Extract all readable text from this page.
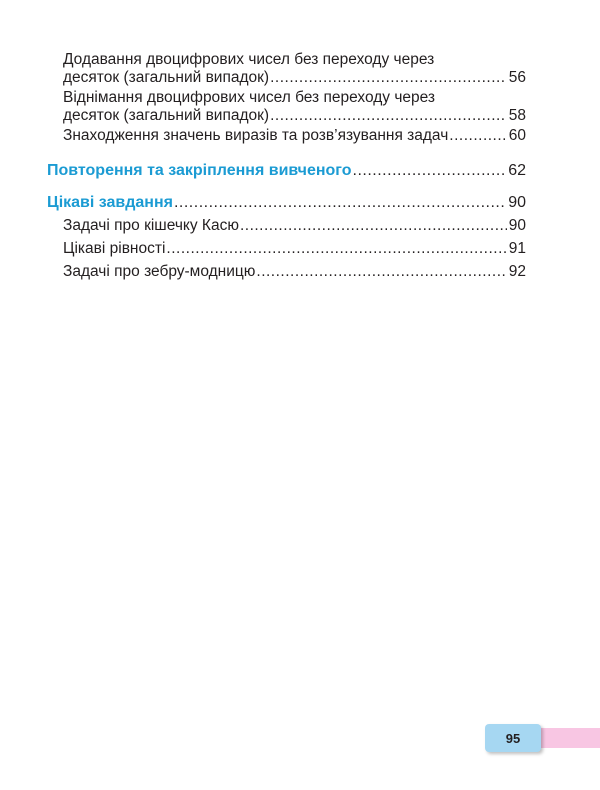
Додавання двоцифрових чисел без переходу через
десяток (загальний випадок) .....	56
Віднімання двоцифрових чисел без переходу через
десяток (загальний випадок) .....	58
Знаходження значень виразів та розв’язування задач .....	60
Повторення та закріплення вивченого .....	62
Цікаві завдання .....	90
Задачі про кішечку Касю .....	90
Цікаві рівності .....	91
Задачі про зебру-модницю .....	92
95
